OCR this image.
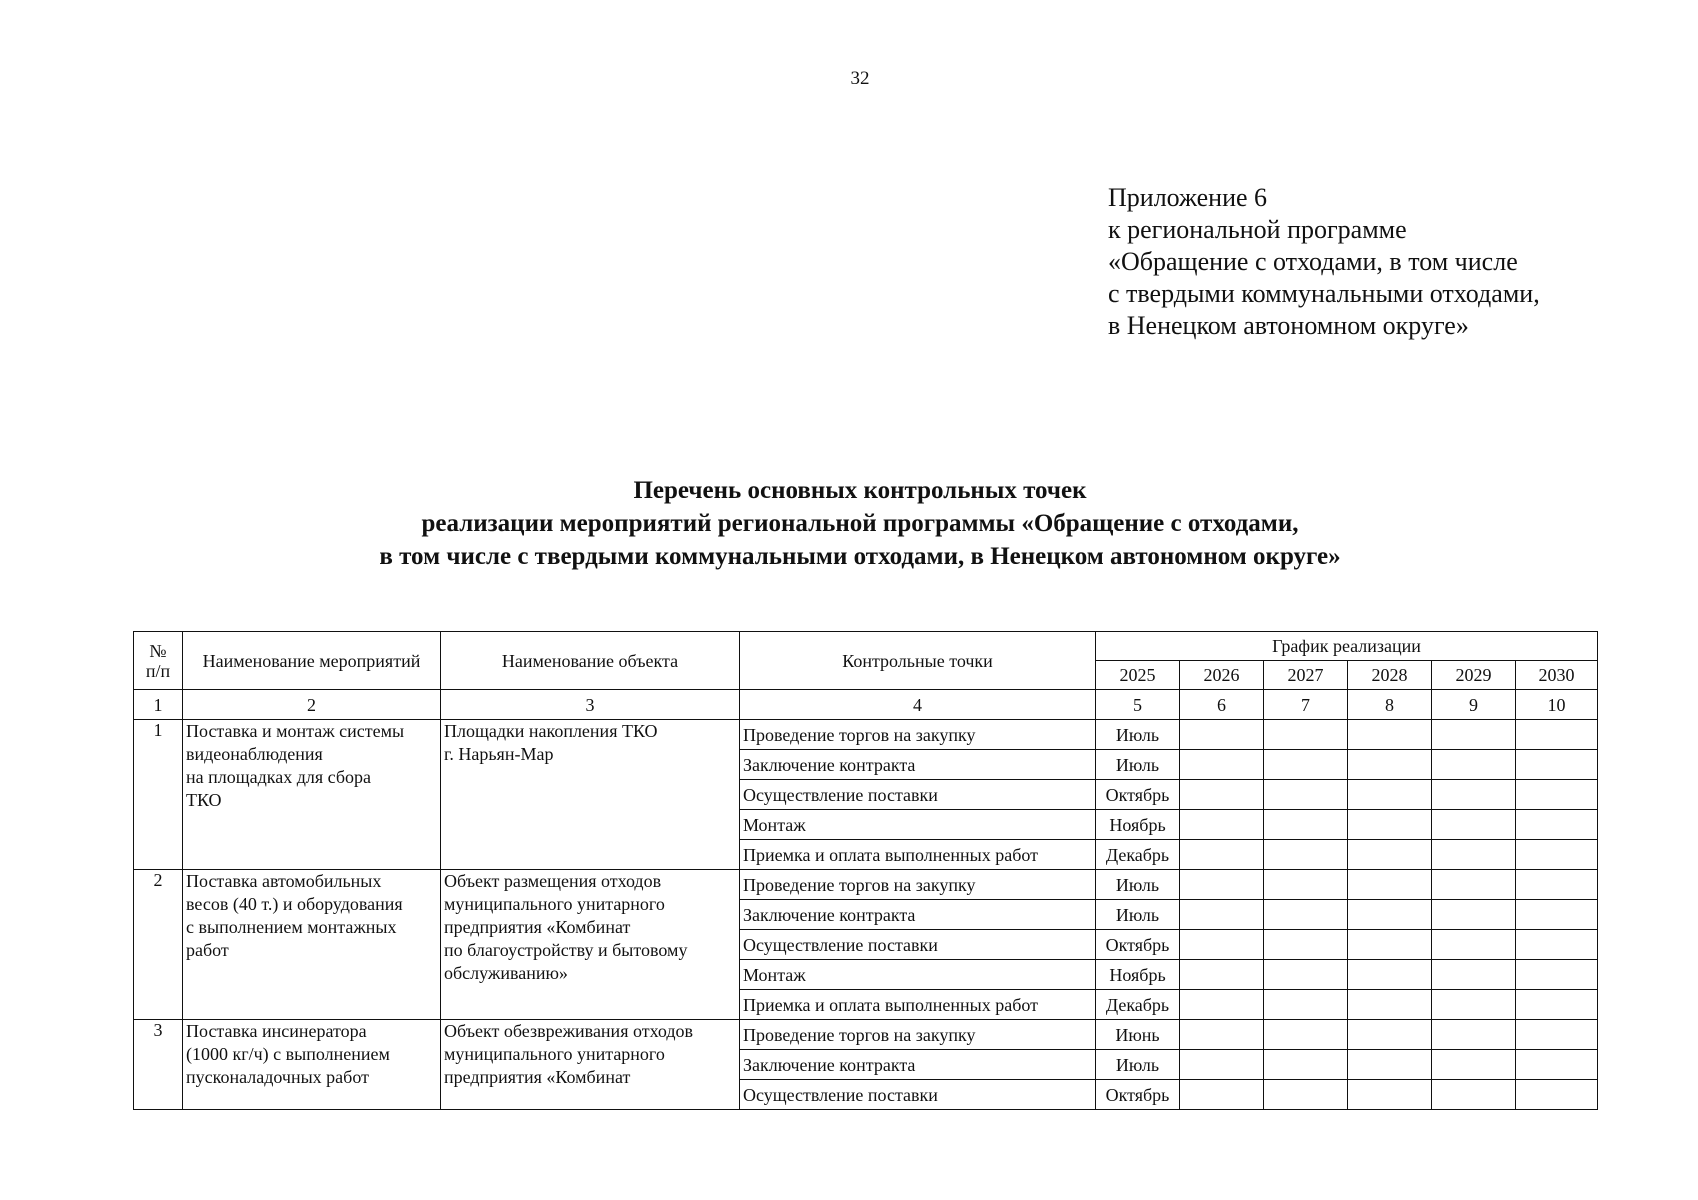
32
Приложение 6
к региональной программе
«Обращение с отходами, в том числе
с твердыми коммунальными отходами,
в Ненецком автономном округе»
Перечень основных контрольных точек
реализации мероприятий региональной программы «Обращение с отходами,
в том числе с твердыми коммунальными отходами, в Ненецком автономном округе»
№
п/п	Наименование мероприятий	Наименование объекта	Контрольные точки	График реализации					
				2025	2026	2027	2028	2029	2030
1	2	3	4	5	6	7	8	9	10
1	Поставка и монтаж системы
видеонаблюдения
на площадках для сбора
ТКО	Площадки накопления ТКО
г. Нарьян-Мар	Проведение торгов на закупку	Июль					
			Заключение контракта	Июль					
			Осуществление поставки	Октябрь					
			Монтаж	Ноябрь					
			Приемка и оплата выполненных работ	Декабрь					
2	Поставка автомобильных
весов (40 т.) и оборудования
с выполнением монтажных
работ	Объект размещения отходов
муниципального унитарного
предприятия «Комбинат
по благоустройству и бытовому
обслуживанию»	Проведение торгов на закупку	Июль					
			Заключение контракта	Июль					
			Осуществление поставки	Октябрь					
			Монтаж	Ноябрь					
			Приемка и оплата выполненных работ	Декабрь					
3	Поставка инсинератора
(1000 кг/ч) с выполнением
пусконаладочных работ	Объект обезвреживания отходов
муниципального унитарного
предприятия «Комбинат	Проведение торгов на закупку	Июнь					
			Заключение контракта	Июль					
			Осуществление поставки	Октябрь					
